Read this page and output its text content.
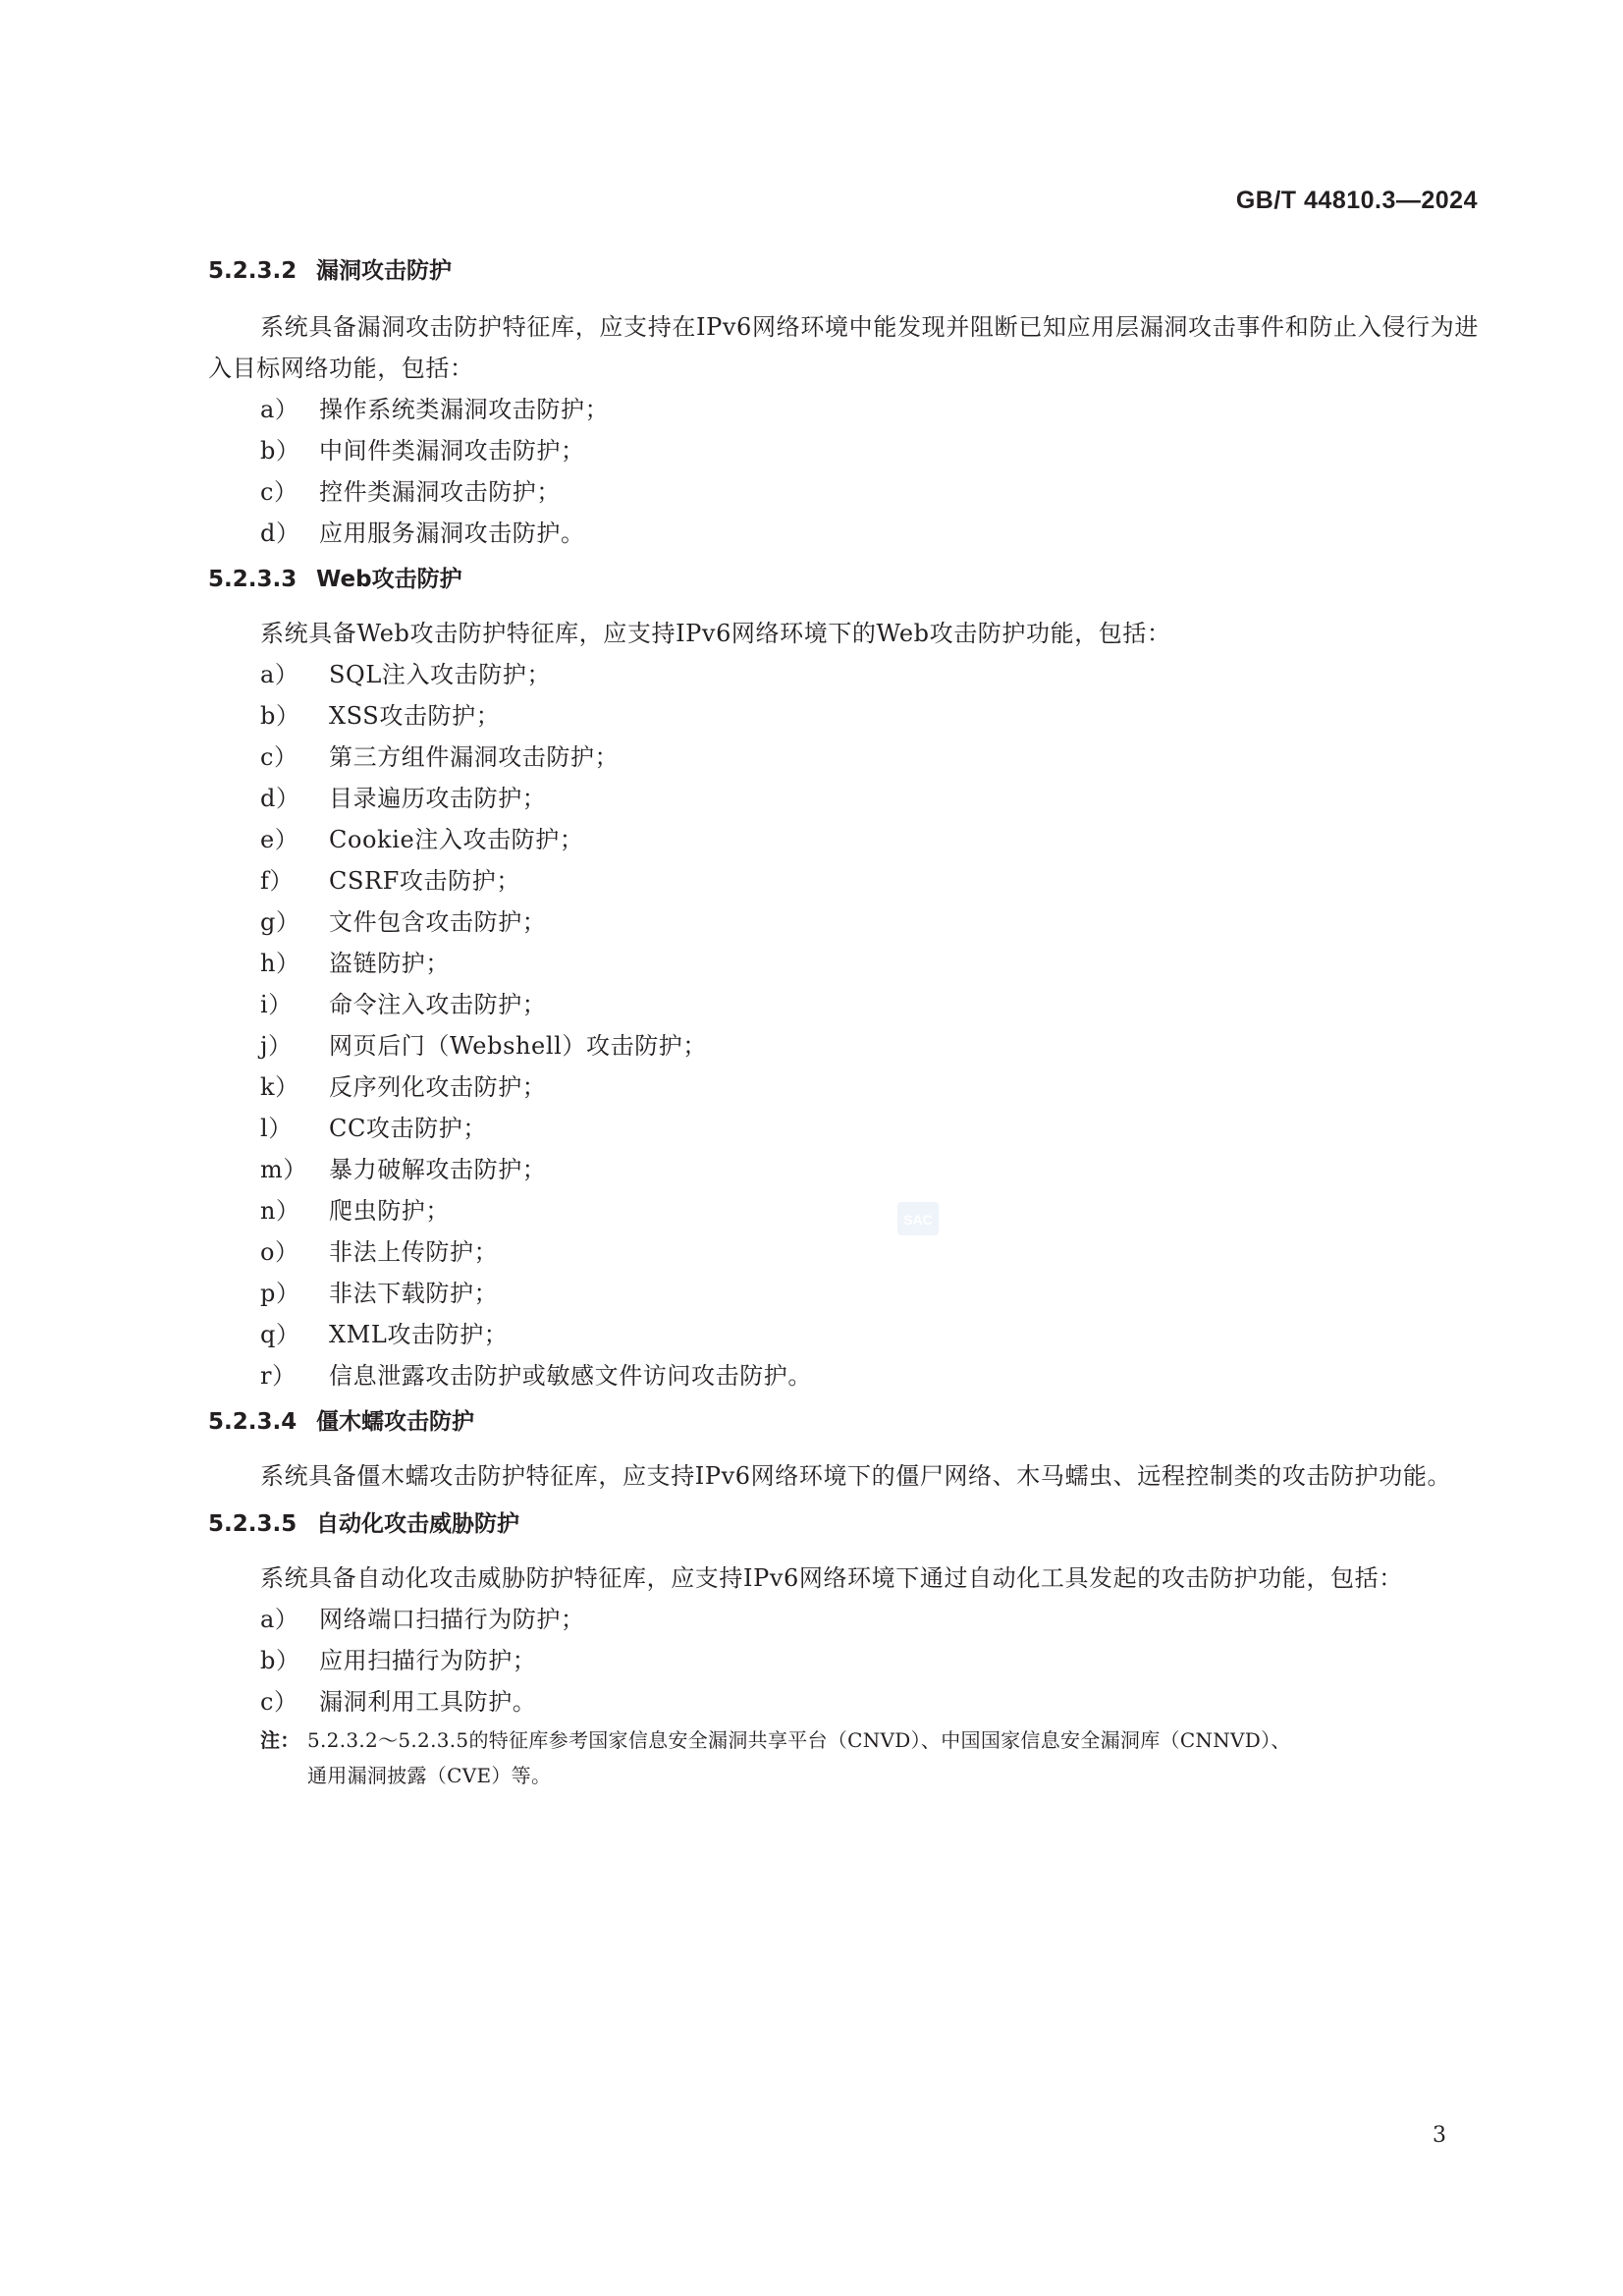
GB/T 44810.3—2024
5.2.3.2 漏洞攻击防护

系统具备漏洞攻击防护特征库，应支持在IPv6网络环境中能发现并阻断已知应用层漏洞攻击事件和防止入侵行为进入目标网络功能，包括：

a） 操作系统类漏洞攻击防护；
b） 中间件类漏洞攻击防护；
c） 控件类漏洞攻击防护；
d） 应用服务漏洞攻击防护。
5.2.3.3 Web攻击防护

系统具备Web攻击防护特征库，应支持IPv6网络环境下的Web攻击防护功能，包括：

a） SQL注入攻击防护；
b） XSS攻击防护；
c） 第三方组件漏洞攻击防护；
d） 目录遍历攻击防护；
e） Cookie注入攻击防护；
f） CSRF攻击防护；
g） 文件包含攻击防护；
h） 盗链防护；
i） 命令注入攻击防护；
j） 网页后门（Webshell）攻击防护；
k） 反序列化攻击防护；
l） CC攻击防护；
m） 暴力破解攻击防护；
n） 爬虫防护；
o） 非法上传防护；
p） 非法下载防护；
q） XML攻击防护；
r） 信息泄露攻击防护或敏感文件访问攻击防护。
5.2.3.4 僵木蠕攻击防护

系统具备僵木蠕攻击防护特征库，应支持IPv6网络环境下的僵尸网络、木马蠕虫、远程控制类的攻击防护功能。

5.2.3.5 自动化攻击威胁防护

系统具备自动化攻击威胁防护特征库，应支持IPv6网络环境下通过自动化工具发起的攻击防护功能，包括：

a） 网络端口扫描行为防护；
b） 应用扫描行为防护；
c） 漏洞利用工具防护。
注： 5.2.3.2～5.2.3.5的特征库参考国家信息安全漏洞共享平台（CNVD）、中国国家信息安全漏洞库（CNNVD）、
通用漏洞披露（CVE）等。
SAC
3
